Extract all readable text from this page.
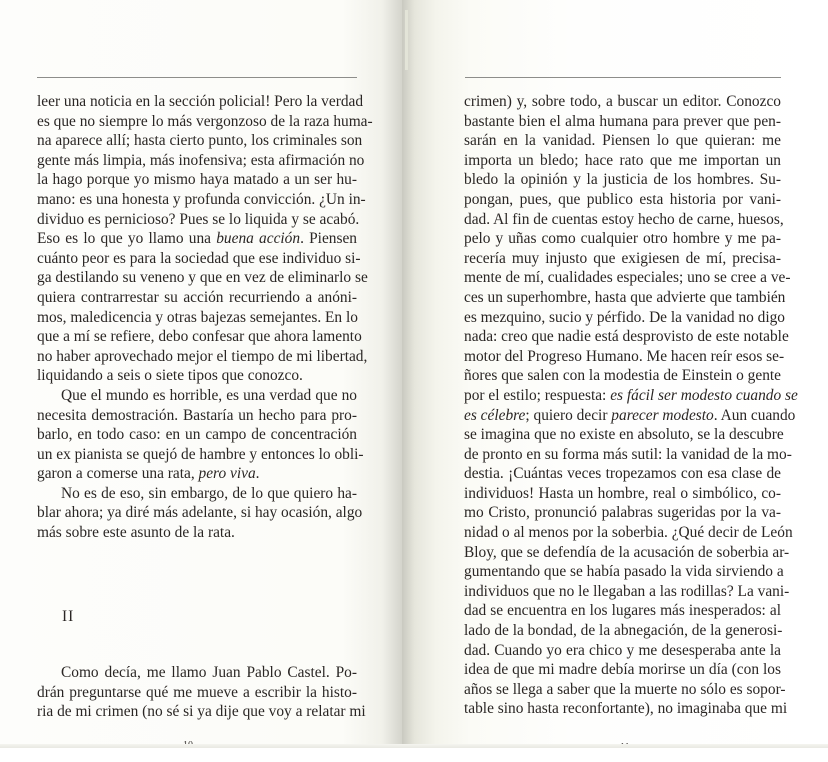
leer una noticia en la sección policial! Pero la verdad
es que no siempre lo más vergonzoso de la raza huma-
na aparece allí; hasta cierto punto, los criminales son
gente más limpia, más inofensiva; esta afirmación no
la hago porque yo mismo haya matado a un ser hu-
mano: es una honesta y profunda convicción. ¿Un in-
dividuo es pernicioso? Pues se lo liquida y se acabó.
Eso es lo que yo llamo una buena acción. Piensen
cuánto peor es para la sociedad que ese individuo si-
ga destilando su veneno y que en vez de eliminarlo se
quiera contrarrestar su acción recurriendo a anóni-
mos, maledicencia y otras bajezas semejantes. En lo
que a mí se refiere, debo confesar que ahora lamento
no haber aprovechado mejor el tiempo de mi libertad,
liquidando a seis o siete tipos que conozco.
Que el mundo es horrible, es una verdad que no
necesita demostración. Bastaría un hecho para pro-
barlo, en todo caso: en un campo de concentración
un ex pianista se quejó de hambre y entonces lo obli-
garon a comerse una rata, pero viva.
No es de eso, sin embargo, de lo que quiero ha-
blar ahora; ya diré más adelante, si hay ocasión, algo
más sobre este asunto de la rata.
II
Como decía, me llamo Juan Pablo Castel. Po-
drán preguntarse qué me mueve a escribir la histo-
ria de mi crimen (no sé si ya dije que voy a relatar mi
crimen) y, sobre todo, a buscar un editor. Conozco
bastante bien el alma humana para prever que pen-
sarán en la vanidad. Piensen lo que quieran: me
importa un bledo; hace rato que me importan un
bledo la opinión y la justicia de los hombres. Su-
pongan, pues, que publico esta historia por vani-
dad. Al fin de cuentas estoy hecho de carne, huesos,
pelo y uñas como cualquier otro hombre y me pa-
recería muy injusto que exigiesen de mí, precisa-
mente de mí, cualidades especiales; uno se cree a ve-
ces un superhombre, hasta que advierte que también
es mezquino, sucio y pérfido. De la vanidad no digo
nada: creo que nadie está desprovisto de este notable
motor del Progreso Humano. Me hacen reír esos se-
ñores que salen con la modestia de Einstein o gente
por el estilo; respuesta: es fácil ser modesto cuando se
es célebre; quiero decir parecer modesto. Aun cuando
se imagina que no existe en absoluto, se la descubre
de pronto en su forma más sutil: la vanidad de la mo-
destia. ¡Cuántas veces tropezamos con esa clase de
individuos! Hasta un hombre, real o simbólico, co-
mo Cristo, pronunció palabras sugeridas por la va-
nidad o al menos por la soberbia. ¿Qué decir de León
Bloy, que se defendía de la acusación de soberbia ar-
gumentando que se había pasado la vida sirviendo a
individuos que no le llegaban a las rodillas? La vani-
dad se encuentra en los lugares más inesperados: al
lado de la bondad, de la abnegación, de la generosi-
dad. Cuando yo era chico y me desesperaba ante la
idea de que mi madre debía morirse un día (con los
años se llega a saber que la muerte no sólo es sopor-
table sino hasta reconfortante), no imaginaba que mi
